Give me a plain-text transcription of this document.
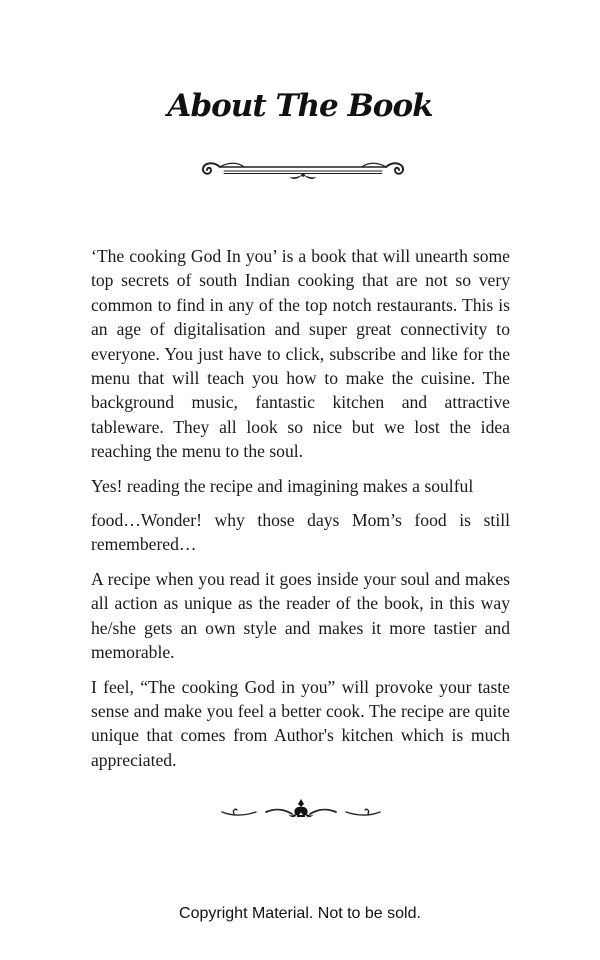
About The Book

‘The cooking God In you’ is a book that will unearth some top secrets of south Indian cooking that are not so very common to find in any of the top notch restaurants. This is an age of digitalisation and super great connectivity to everyone. You just have to click, subscribe and like for the menu that will teach you how to make the cuisine. The background music, fantastic kitchen and attractive tableware. They all look so nice but we lost the idea reaching the menu to the soul.

Yes! reading the recipe and imagining makes a soulful

food…Wonder! why those days Mom’s food is still remembered…

A recipe when you read it goes inside your soul and makes all action as unique as the reader of the book, in this way he/she gets an own style and makes it more tastier and memorable.

I feel, “The cooking God in you” will provoke your taste sense and make you feel a better cook. The recipe are quite unique that comes from Author's kitchen which is much appreciated.

Copyright Material. Not to be sold.
